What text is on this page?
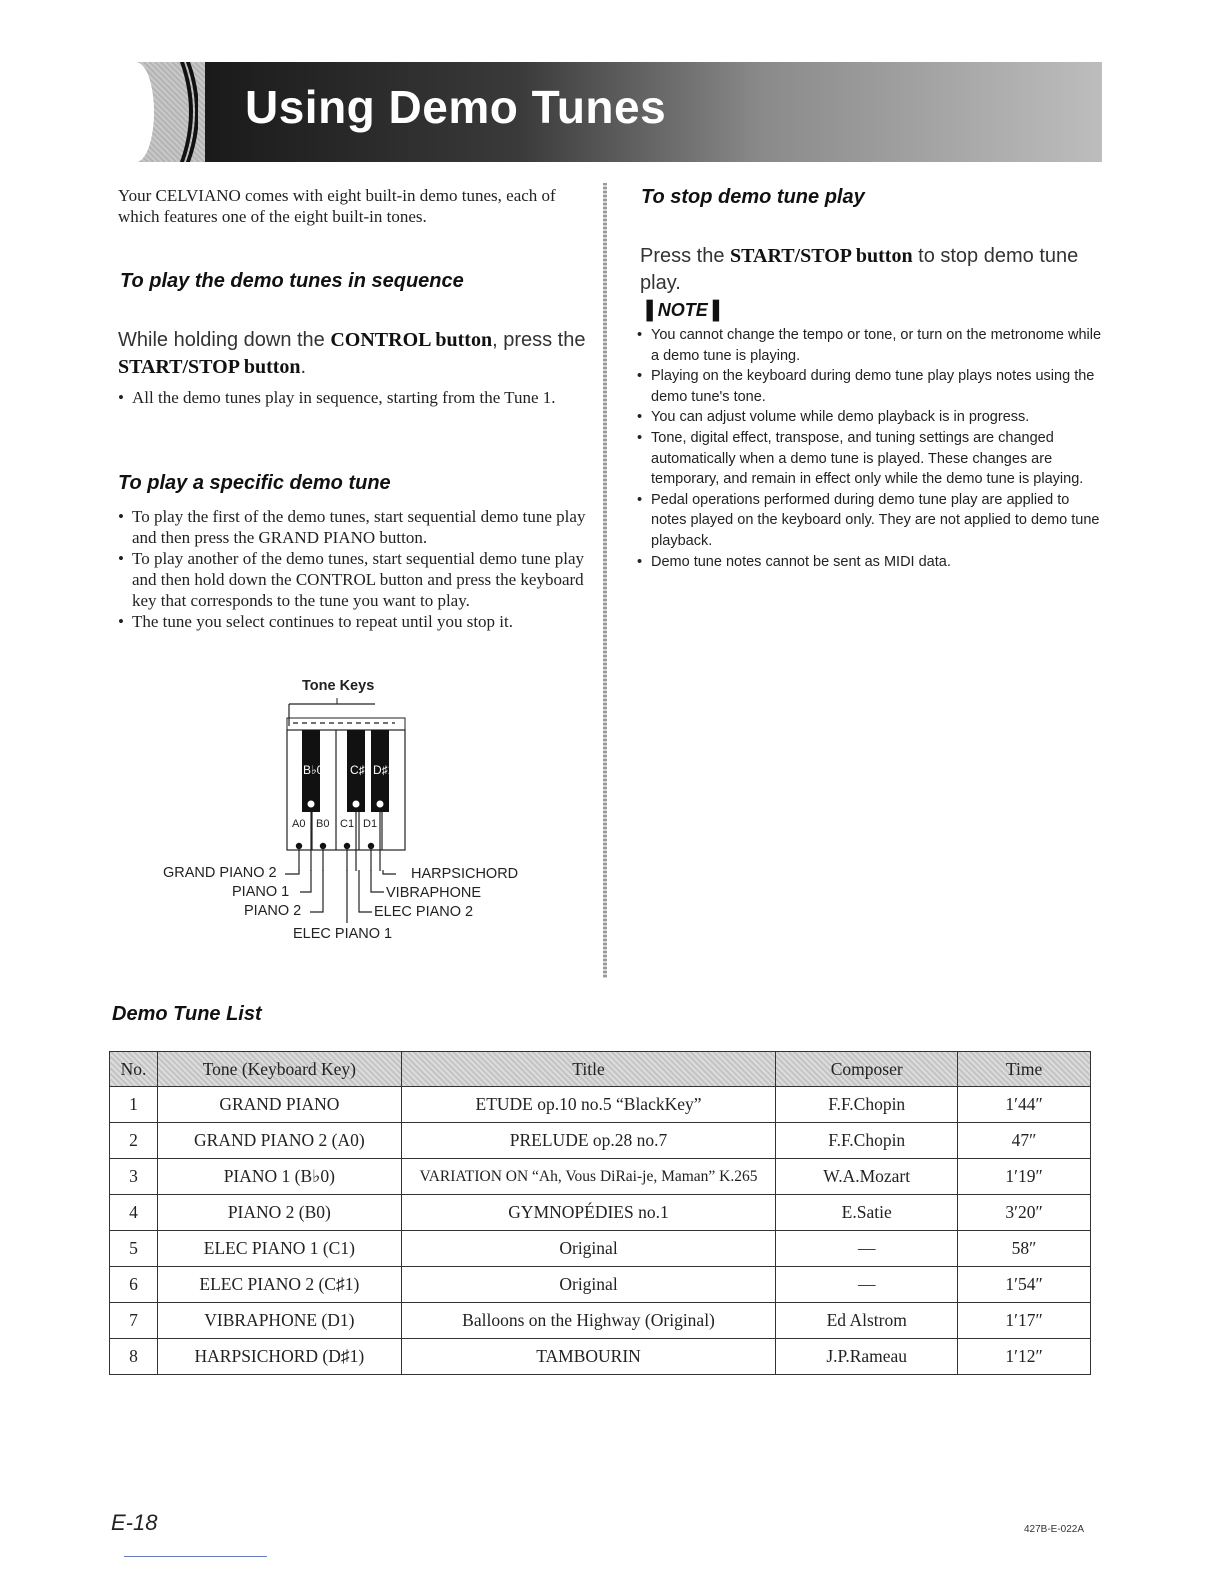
Using Demo Tunes
Your CELVIANO comes with eight built-in demo tunes, each of which features one of the eight built-in tones.
To play the demo tunes in sequence
While holding down the CONTROL button, press the START/STOP button.
• All the demo tunes play in sequence, starting from the Tune 1.
To play a specific demo tune
• To play the first of the demo tunes, start sequential demo tune play and then press the GRAND PIANO button.
• To play another of the demo tunes, start sequential demo tune play and then hold down the CONTROL button and press the keyboard key that corresponds to the tune you want to play.
• The tune you select continues to repeat until you stop it.
Tone Keys
B♭0 C♯1 D♯1
A0 B0 C1 D1
GRAND PIANO 2
PIANO 1
PIANO 2
HARPSICHORD
VIBRAPHONE
ELEC PIANO 2
ELEC PIANO 1
To stop demo tune play
Press the START/STOP button to stop demo tune play.
▐ NOTE ▌
• You cannot change the tempo or tone, or turn on the metronome while a demo tune is playing.
• Playing on the keyboard during demo tune play plays notes using the demo tune's tone.
• You can adjust volume while demo playback is in progress.
• Tone, digital effect, transpose, and tuning settings are changed automatically when a demo tune is played. These changes are temporary, and remain in effect only while the demo tune is playing.
• Pedal operations performed during demo tune play are applied to notes played on the keyboard only. They are not applied to demo tune playback.
• Demo tune notes cannot be sent as MIDI data.
Demo Tune List
No.	Tone (Keyboard Key)	Title	Composer	Time
1	GRAND PIANO	ETUDE op.10 no.5 “BlackKey”	F.F.Chopin	1′44″
2	GRAND PIANO 2 (A0)	PRELUDE op.28 no.7	F.F.Chopin	47″
3	PIANO 1 (B♭0)	VARIATION ON “Ah, Vous DiRai-je, Maman” K.265	W.A.Mozart	1′19″
4	PIANO 2 (B0)	GYMNOPÉDIES no.1	E.Satie	3′20″
5	ELEC PIANO 1 (C1)	Original	—	58″
6	ELEC PIANO 2 (C♯1)	Original	—	1′54″
7	VIBRAPHONE (D1)	Balloons on the Highway (Original)	Ed Alstrom	1′17″
8	HARPSICHORD (D♯1)	TAMBOURIN	J.P.Rameau	1′12″
E-18	427B-E-022A
